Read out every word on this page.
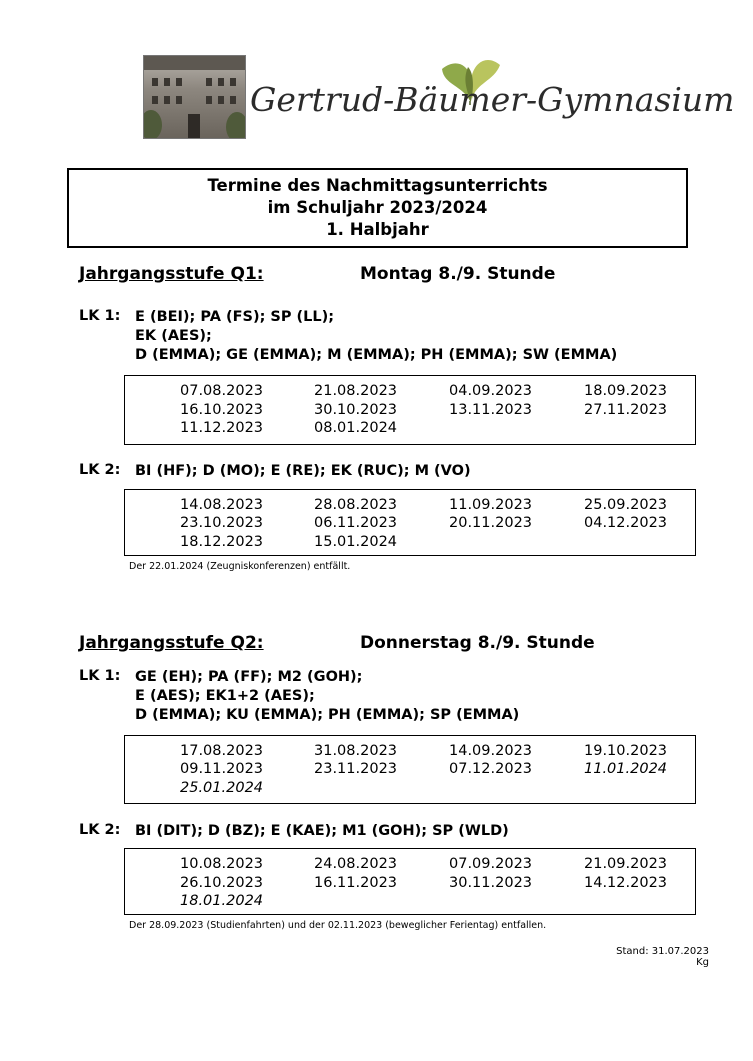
Gertrud-Bäumer-Gymnasium
Termine des Nachmittagsunterrichts
im Schuljahr 2023/2024
1. Halbjahr
Jahrgangsstufe Q1:	Montag 8./9. Stunde
LK 1: E (BEI); PA (FS); SP (LL);
EK (AES);
D (EMMA); GE (EMMA); M (EMMA); PH (EMMA); SW (EMMA)
07.08.2023	21.08.2023	04.09.2023	18.09.2023
16.10.2023	30.10.2023	13.11.2023	27.11.2023
11.12.2023	08.01.2024
LK 2: BI (HF); D (MO); E (RE); EK (RUC); M (VO)
14.08.2023	28.08.2023	11.09.2023	25.09.2023
23.10.2023	06.11.2023	20.11.2023	04.12.2023
18.12.2023	15.01.2024
Der 22.01.2024 (Zeugniskonferenzen) entfällt.
Jahrgangsstufe Q2:	Donnerstag 8./9. Stunde
LK 1: GE (EH); PA (FF); M2 (GOH);
E (AES); EK1+2 (AES);
D (EMMA); KU (EMMA); PH (EMMA); SP (EMMA)
17.08.2023	31.08.2023	14.09.2023	19.10.2023
09.11.2023	23.11.2023	07.12.2023	11.01.2024
25.01.2024
LK 2: BI (DIT); D (BZ); E (KAE); M1 (GOH); SP (WLD)
10.08.2023	24.08.2023	07.09.2023	21.09.2023
26.10.2023	16.11.2023	30.11.2023	14.12.2023
18.01.2024
Der 28.09.2023 (Studienfahrten) und der 02.11.2023 (beweglicher Ferientag) entfallen.
Stand: 31.07.2023
Kg
